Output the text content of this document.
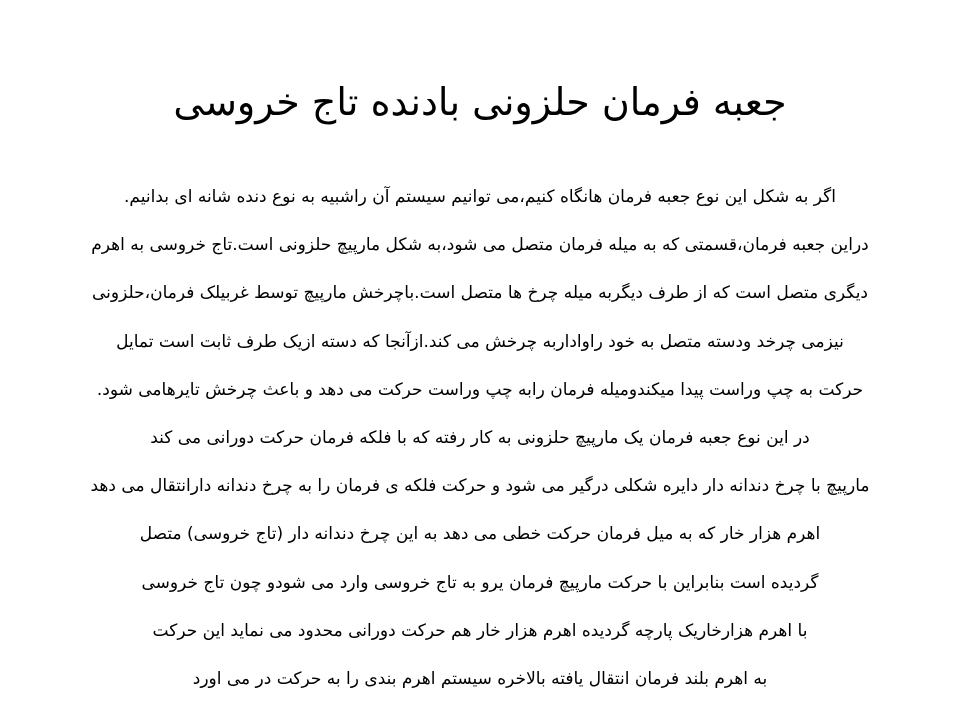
جعبه فرمان حلزونی بادنده تاج خروسی
اگر به شکل این نوع جعبه فرمان هانگاه کنیم،می توانیم سیستم آن راشبیه به نوع دنده شانه ای بدانیم.
دراین جعبه فرمان،قسمتی که به میله فرمان متصل می شود،به شکل مارپیچ حلزونی است.تاج خروسی به اهرم
دیگری متصل است که از طرف دیگربه میله چرخ ها متصل است.باچرخش مارپیچ توسط غربیلک فرمان،حلزونی
نیزمی چرخد ودسته متصل به خود راواداربه چرخش می کند.ازآنجا که دسته ازیک طرف ثابت است تمایل
حرکت به چپ وراست پیدا میکندومیله فرمان رابه چپ وراست حرکت می دهد و باعث چرخش تایرهامی شود.
در این نوع جعبه فرمان یک مارپیچ حلزونی به کار رفته که با فلکه فرمان حرکت دورانی می کند
مارپیچ با چرخ دندانه دار دایره شکلی درگیر می شود و حرکت فلکه ی فرمان را به چرخ دندانه دارانتقال می دهد
اهرم هزار خار که به میل فرمان حرکت خطی می دهد به این چرخ دندانه دار (تاج خروسی) متصل
گردیده است بنابراین با حرکت مارپیچ فرمان یرو به تاج خروسی وارد می شودو چون تاج خروسی
با اهرم هزارخاریک پارچه گردیده اهرم هزار خار هم حرکت دورانی محدود می نماید این حرکت
به اهرم بلند فرمان انتقال یافته بالاخره سیستم اهرم بندی را به حرکت در می اورد
